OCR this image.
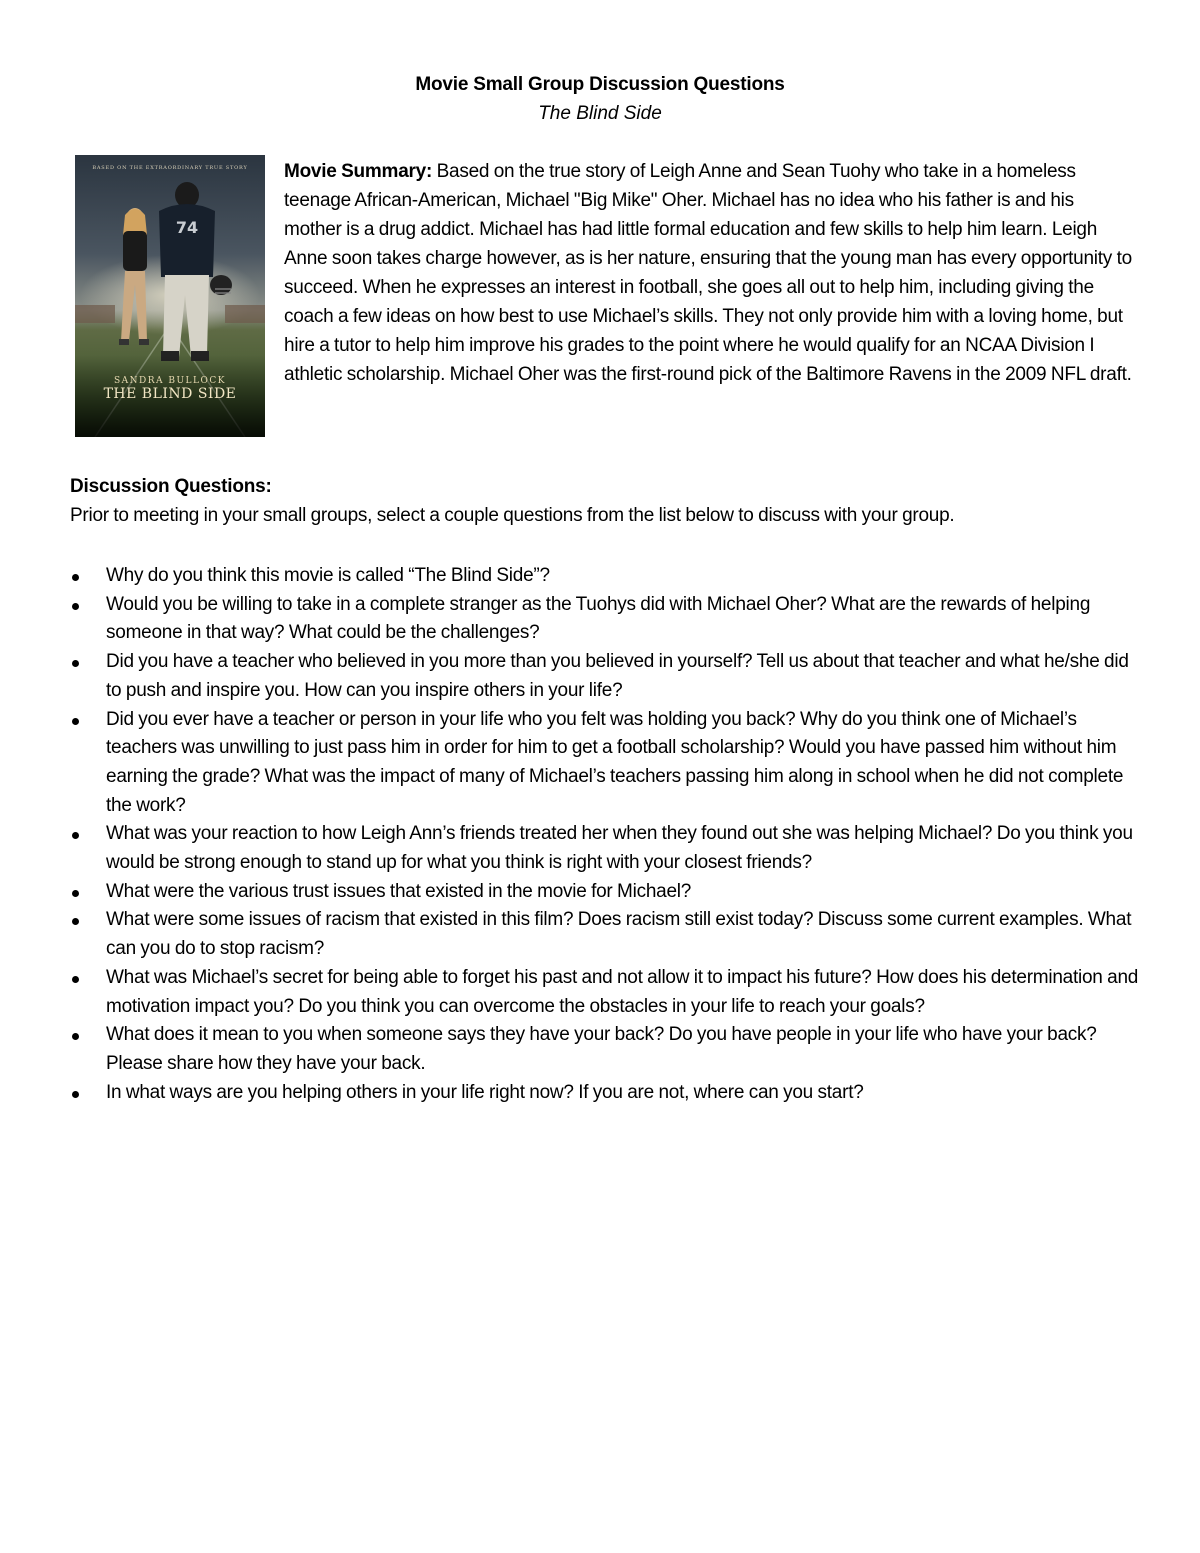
Movie Small Group Discussion Questions
The Blind Side
74
BASED ON THE EXTRAORDINARY TRUE STORY
SANDRA BULLOCK
THE BLIND SIDE
Movie Summary: Based on the true story of Leigh Anne and Sean Tuohy who take in a homeless teenage African-American, Michael "Big Mike" Oher. Michael has no idea who his father is and his mother is a drug addict. Michael has had little formal education and few skills to help him learn. Leigh Anne soon takes charge however, as is her nature, ensuring that the young man has every opportunity to succeed. When he expresses an interest in football, she goes all out to help him, including giving the coach a few ideas on how best to use Michael’s skills. They not only provide him with a loving home, but hire a tutor to help him improve his grades to the point where he would qualify for an NCAA Division I athletic scholarship. Michael Oher was the first-round pick of the Baltimore Ravens in the 2009 NFL draft.
Discussion Questions:
Prior to meeting in your small groups, select a couple questions from the list below to discuss with your group.
Why do you think this movie is called “The Blind Side”?
Would you be willing to take in a complete stranger as the Tuohys did with Michael Oher? What are the rewards of helping someone in that way? What could be the challenges?
Did you have a teacher who believed in you more than you believed in yourself? Tell us about that teacher and what he/she did to push and inspire you. How can you inspire others in your life?
Did you ever have a teacher or person in your life who you felt was holding you back? Why do you think one of Michael’s teachers was unwilling to just pass him in order for him to get a football scholarship? Would you have passed him without him earning the grade? What was the impact of many of Michael’s teachers passing him along in school when he did not complete the work?
What was your reaction to how Leigh Ann’s friends treated her when they found out she was helping Michael? Do you think you would be strong enough to stand up for what you think is right with your closest friends?
What were the various trust issues that existed in the movie for Michael?
What were some issues of racism that existed in this film? Does racism still exist today? Discuss some current examples. What can you do to stop racism?
What was Michael’s secret for being able to forget his past and not allow it to impact his future? How does his determination and motivation impact you? Do you think you can overcome the obstacles in your life to reach your goals?
What does it mean to you when someone says they have your back? Do you have people in your life who have your back? Please share how they have your back.
In what ways are you helping others in your life right now? If you are not, where can you start?
